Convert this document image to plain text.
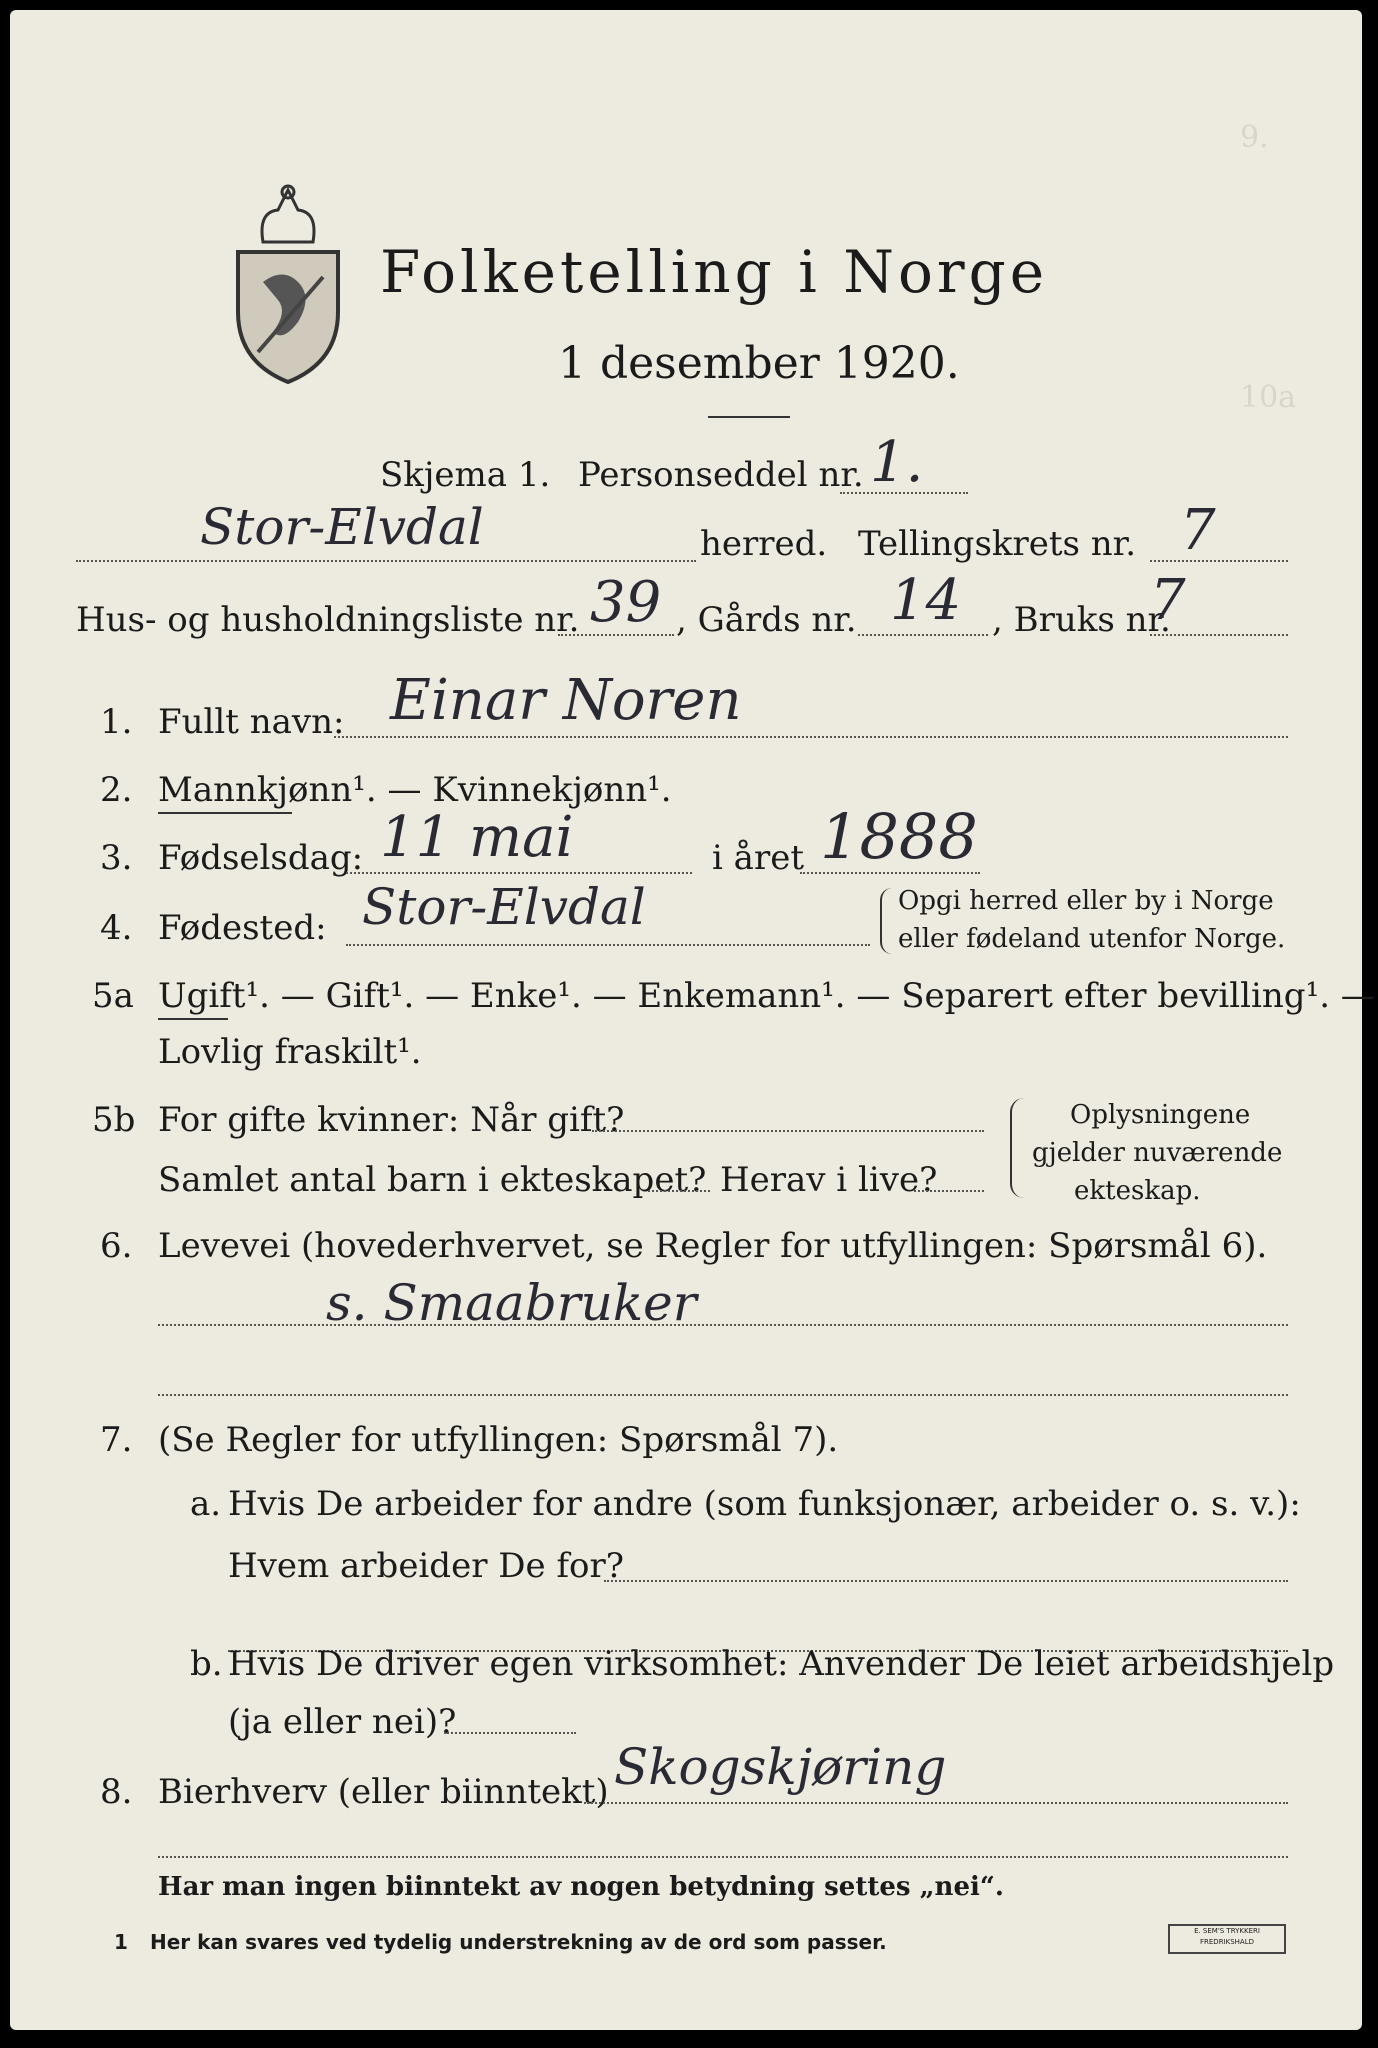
9.
10a
Folketelling i Norge
1 desember 1920.
Skjema 1. Personseddel nr. 1.
Stor-Elvdal	herred. Tellingskrets nr. 7
Hus- og husholdningsliste nr. 39 , Gårds nr. 14 , Bruks nr.
7
1. Fullt navn: Einar Noren
2. Mannkjønn¹. — Kvinnekjønn¹.
3. Fødselsdag: 11 mai	i året 1888
4. Fødested: Stor-Elvdal	Opgi herred eller by i Norge
eller fødeland utenfor Norge.
5a Ugift¹. — Gift¹. — Enke¹. — Enkemann¹. — Separert efter bevilling¹. —
Lovlig fraskilt¹.
5b For gifte kvinner: Når gift?
Samlet antal barn i ekteskapet? Herav i live?
Oplysningene
gjelder nuværende
ekteskap.
6. Levevei (hovederhvervet, se Regler for utfyllingen: Spørsmål 6).
s. Smaabruker
7. (Se Regler for utfyllingen: Spørsmål 7).
a. Hvis De arbeider for andre (som funksjonær, arbeider o. s. v.):
Hvem arbeider De for?
b. Hvis De driver egen virksomhet: Anvender De leiet arbeidshjelp
(ja eller nei)?
8. Bierhverv (eller biinntekt) Skogskjøring
Har man ingen biinntekt av nogen betydning settes „nei“.
1 Her kan svares ved tydelig understrekning av de ord som passer.	E. SEM'S TRYKKERI FREDRIKSHALD
